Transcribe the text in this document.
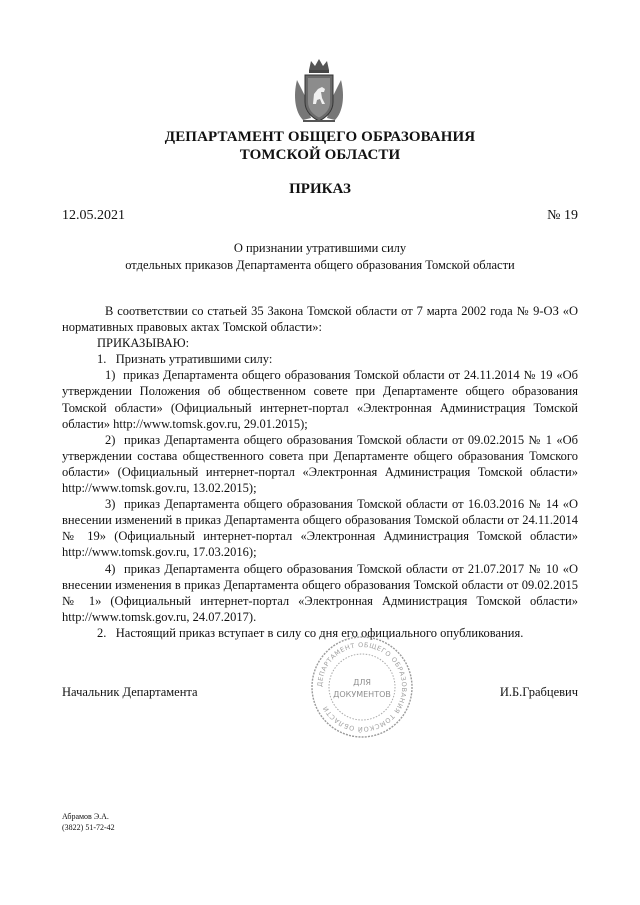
ДЕПАРТАМЕНТ ОБЩЕГО ОБРАЗОВАНИЯ
ТОМСКОЙ ОБЛАСТИ
ПРИКАЗ
12.05.2021	№ 19
О признании утратившими силу
отдельных приказов Департамента общего образования Томской области

В соответствии со статьей 35 Закона Томской области от 7 марта 2002 года № 9-ОЗ «О нормативных правовых актах Томской области»:

ПРИКАЗЫВАЮ:

1.   Признать утратившими силу:

1)  приказ Департамента общего образования Томской области от 24.11.2014 № 19 «Об утверждении Положения об общественном совете при Департаменте общего образования Томской области» (Официальный интернет-портал «Электронная Администрация Томской области» http://www.tomsk.gov.ru, 29.01.2015);

2)  приказ Департамента общего образования Томской области от 09.02.2015 № 1 «Об утверждении состава общественного совета при Департаменте общего образования Томского области» (Официальный интернет-портал «Электронная Администрация Томской области» http://www.tomsk.gov.ru, 13.02.2015);

3)  приказ Департамента общего образования Томской области от 16.03.2016 № 14 «О внесении изменений в приказ Департамента общего образования Томской области от 24.11.2014 № 19» (Официальный интернет-портал «Электронная Администрация Томской области» http://www.tomsk.gov.ru, 17.03.2016);

4)  приказ Департамента общего образования Томской области от 21.07.2017 № 10 «О внесении изменения в приказ Департамента общего образования Томской области от 09.02.2015 № 1» (Официальный интернет-портал «Электронная Администрация Томской области» http://www.tomsk.gov.ru, 24.07.2017).

2.   Настоящий приказ вступает в силу со дня его официального опубликования.

ДЕПАРТАМЕНТ ОБЩЕГО ОБРАЗОВАНИЯ ТОМСКОЙ ОБЛАСТИ
ДЛЯ
ДОКУМЕНТОВ
Начальник Департамента	И.Б.Грабцевич
Абрамов Э.А.
(3822) 51-72-42
